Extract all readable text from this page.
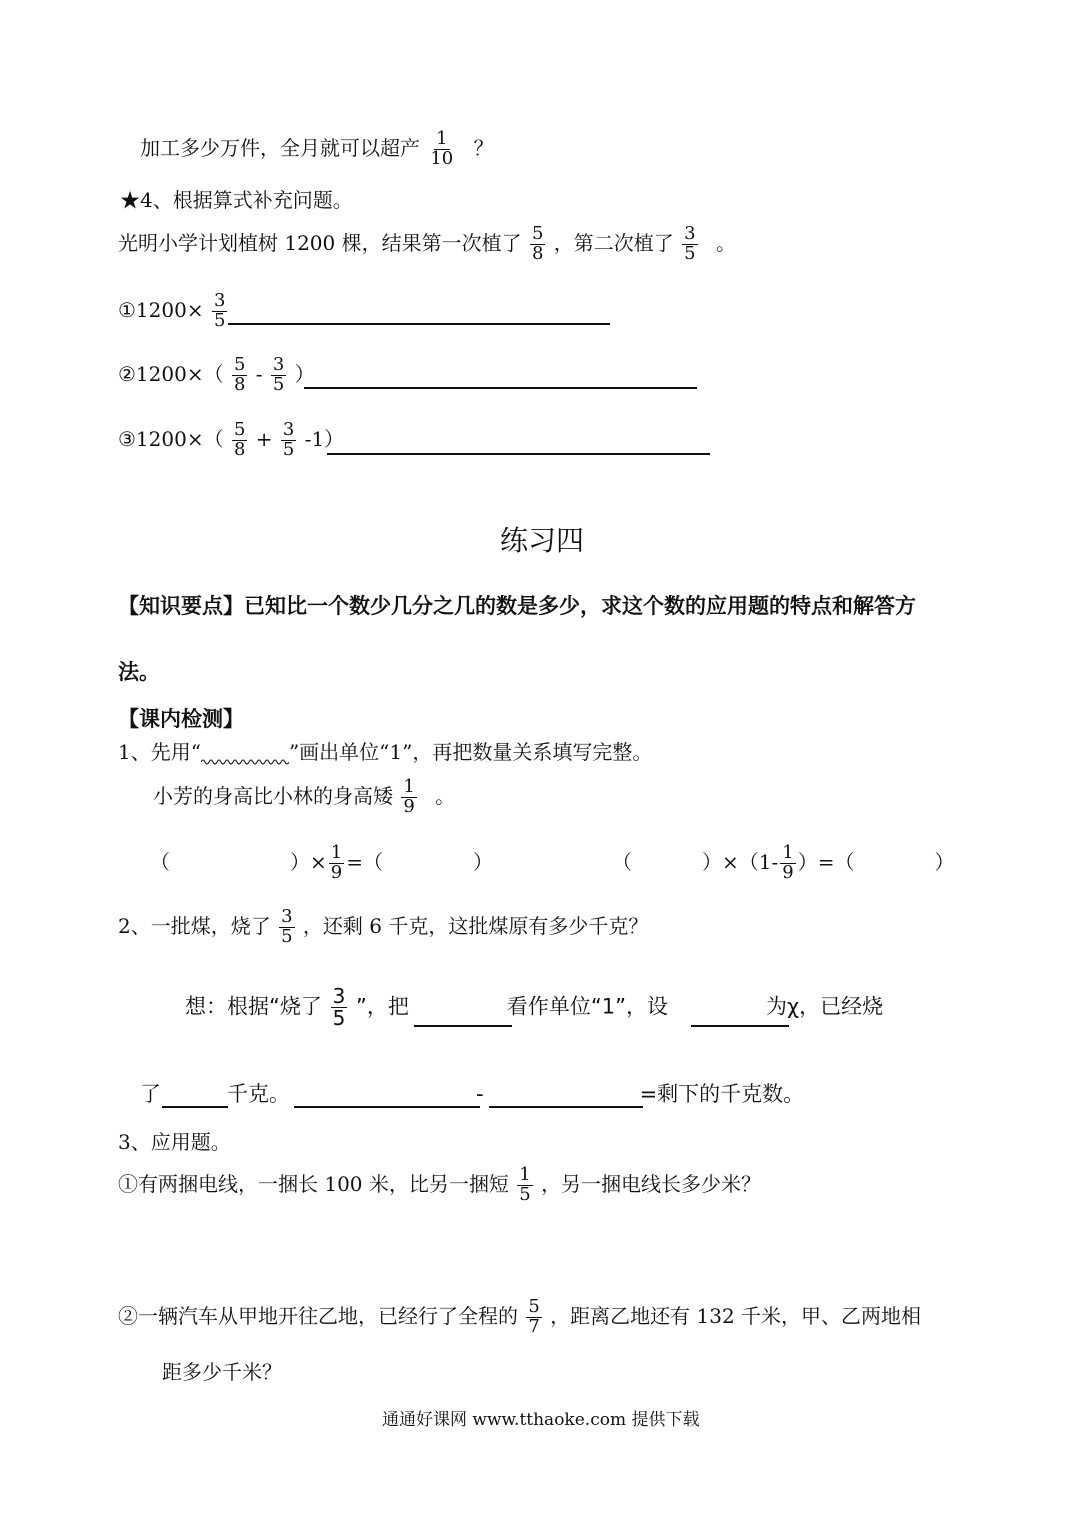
加工多少万件，全月就可以超产 $\frac{1}{10}$ ？
★4、根据算式补充问题。
光明小学计划植树 1200 棵，结果第一次植了 $\frac{5}{8}$ ，第二次植了 $\frac{3}{5}$ 。
①1200× $\frac{3}{5}$
②1200×（ $\frac{5}{8} - \frac{3}{5}$ ）
③1200×（ $\frac{5}{8} + \frac{3}{5} -1$）
练习四
【知识要点】已知比一个数少几分之几的数是多少，求这个数的应用题的特点和解答方
法。
【课内检测】
1、先用“	”画出单位“1”，再把数量关系填写完整。
小芳的身高比小林的身高矮 $\frac{1}{9}$ 。
（	）× $\frac{1}{9}$ =（	）	（	）$\times(1- \frac{1}{9}$ ）=（	）
2、一批煤，烧了 $\frac{3}{5}$ ，还剩 6 千克，这批煤原有多少千克？
想：根据“烧了 $\frac{3}{5}$ ”，把	看作单位“1”，设	为χ，已经烧
了	千克。	-	=剩下的千克数。
3、应用题。
①有两捆电线，一捆长 100 米，比另一捆短 $\frac{1}{5}$ ，另一捆电线长多少米？
②一辆汽车从甲地开往乙地，已经行了全程的 $\frac{5}{7}$ ，距离乙地还有 132 千米，甲、乙两地相
距多少千米？
通通好课网 www.tthaoke.com 提供下载
